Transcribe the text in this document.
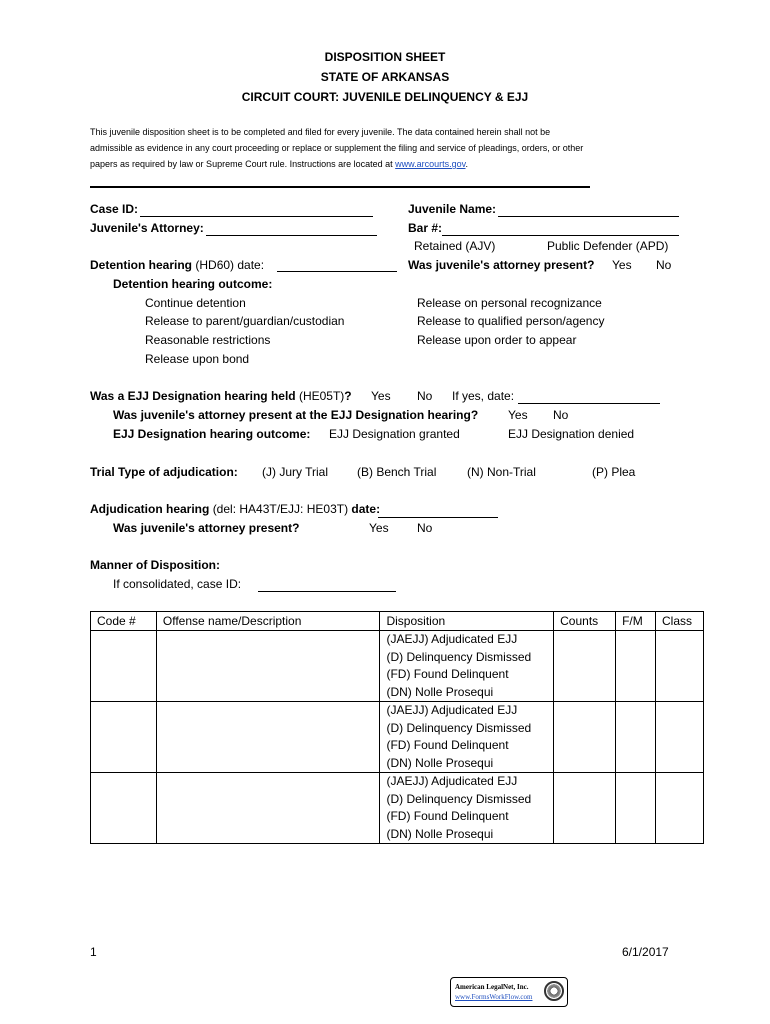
DISPOSITION SHEET
STATE OF ARKANSAS
CIRCUIT COURT: JUVENILE DELINQUENCY & EJJ
This juvenile disposition sheet is to be completed and filed for every juvenile. The data contained herein shall not be admissible as evidence in any court proceeding or replace or supplement the filing and service of pleadings, orders, or other papers as required by law or Supreme Court rule. Instructions are located at www.arcourts.gov.
Case ID:	Juvenile Name:
Juvenile's Attorney:	Bar #:
Retained (AJV)	Public Defender (APD)
Detention hearing (HD60) date:	Was juvenile's attorney present? Yes No
Detention hearing outcome:
Continue detention
Release to parent/guardian/custodian
Reasonable restrictions
Release upon bond
Release on personal recognizance
Release to qualified person/agency
Release upon order to appear
Was a EJJ Designation hearing held (HE05T)? Yes No If yes, date:
Was juvenile's attorney present at the EJJ Designation hearing? Yes No
EJJ Designation hearing outcome: EJJ Designation granted	EJJ Designation denied
Trial Type of adjudication: (J) Jury Trial (B) Bench Trial	(N) Non-Trial	(P) Plea
Adjudication hearing (del: HA43T/EJJ: HE03T) date:
Was juvenile's attorney present?	Yes No
Manner of Disposition:
If consolidated, case ID:
Code #	Offense name/Description	Disposition	Counts	F/M	Class

		(JAEJJ) Adjudicated EJJ
(D) Delinquency Dismissed
(FD) Found Delinquent
(DN) Nolle Prosequi			

		(JAEJJ) Adjudicated EJJ
(D) Delinquency Dismissed
(FD) Found Delinquent
(DN) Nolle Prosequi			

		(JAEJJ) Adjudicated EJJ
(D) Delinquency Dismissed
(FD) Found Delinquent
(DN) Nolle Prosequi			

1	6/1/2017
American LegalNet, Inc.
www.FormsWorkFlow.com
